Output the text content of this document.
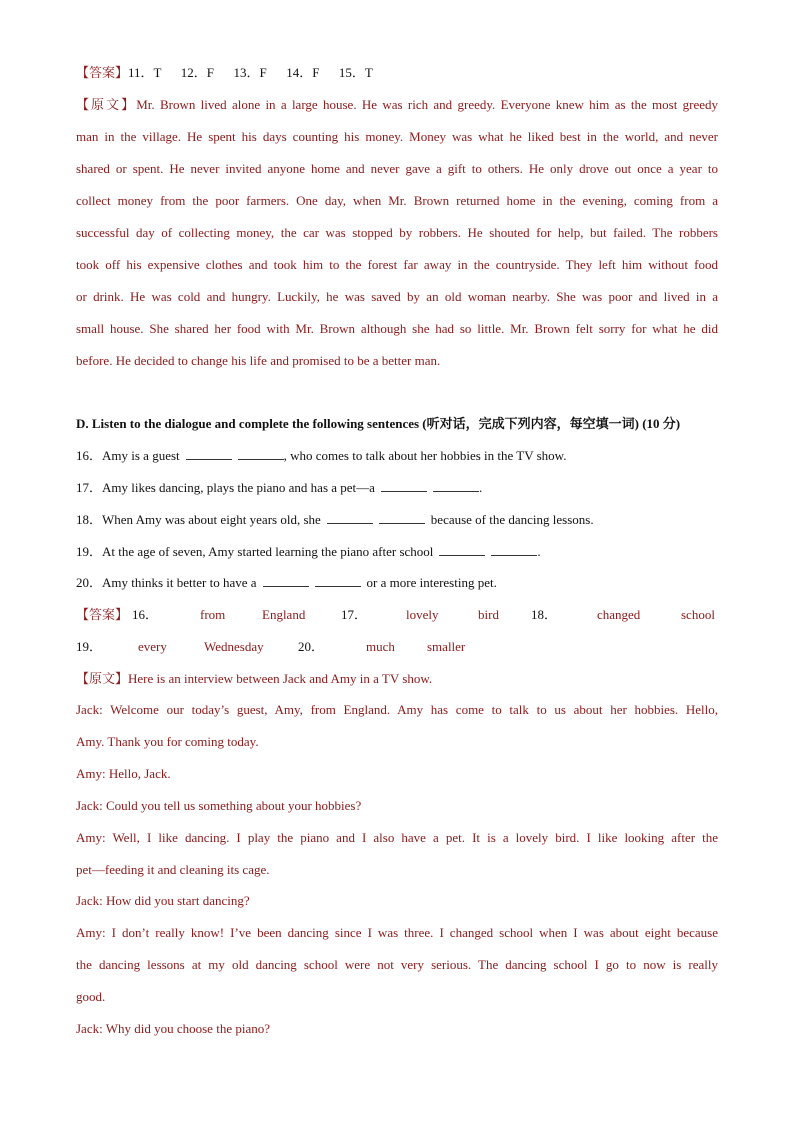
【答案】11．T      12．F      13．F      14．F      15．T
【原文】Mr. Brown lived alone in a large house. He was rich and greedy. Everyone knew him as the most greedy
man in the village. He spent his days counting his money. Money was what he liked best in the world, and never
shared or spent. He never invited anyone home and never gave a gift to others. He only drove out once a year to
collect money from the poor farmers. One day, when Mr. Brown returned home in the evening, coming from a
successful day of collecting money, the car was stopped by robbers. He shouted for help, but failed. The robbers
took off his expensive clothes and took him to the forest far away in the countryside. They left him without food
or drink. He was cold and hungry. Luckily, he was saved by an old woman nearby. She was poor and lived in a
small house. She shared her food with Mr. Brown although she had so little. Mr. Brown felt sorry for what he did
before. He decided to change his life and promised to be a better man.
D. Listen to the dialogue and complete the following sentences (听对话，完成下列内容，每空填一词) (10 分)
16．Amy is a guest	, who comes to talk about her hobbies in the TV show.
17．Amy likes dancing, plays the piano and has a pet—a	.
18．When Amy was about eight years old, she	because of the dancing lessons.
19．At the age of seven, Amy started learning the piano after school	.
20．Amy thinks it better to have a	or a more interesting pet.
【答案】 16．	from	England	17．	lovely	bird 18．	changed	school
19．	every	Wednesday	20．	much smaller
【原文】Here is an interview between Jack and Amy in a TV show.
Jack: Welcome our today’s guest, Amy, from England. Amy has come to talk to us about her hobbies. Hello,
Amy. Thank you for coming today.
Amy: Hello, Jack.
Jack: Could you tell us something about your hobbies?
Amy: Well, I like dancing. I play the piano and I also have a pet. It is a lovely bird. I like looking after the
pet—feeding it and cleaning its cage.
Jack: How did you start dancing?
Amy: I don’t really know! I’ve been dancing since I was three. I changed school when I was about eight because
the dancing lessons at my old dancing school were not very serious. The dancing school I go to now is really
good.
Jack: Why did you choose the piano?
